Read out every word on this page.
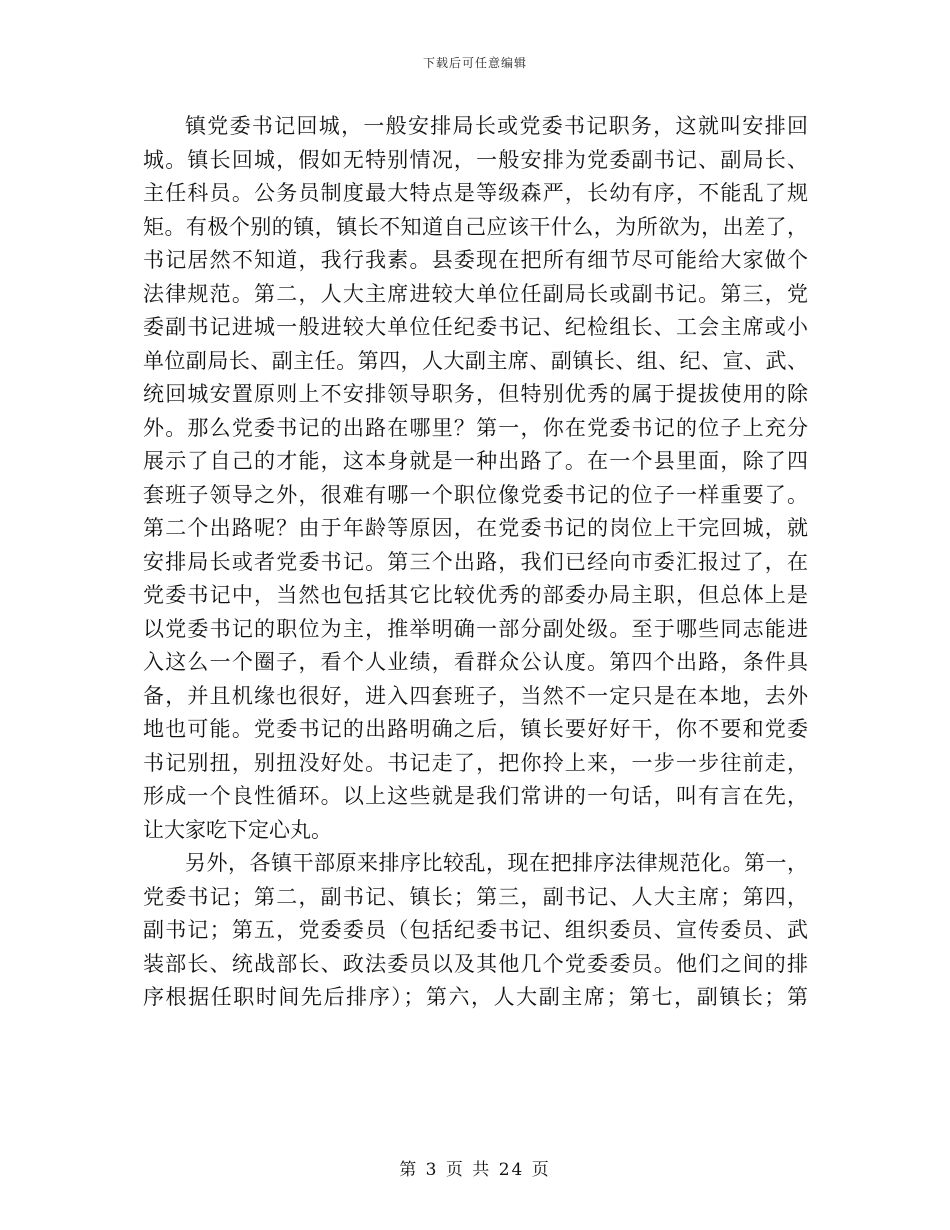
下载后可任意编辑
镇党委书记回城，一般安排局长或党委书记职务，这就叫安排回
城。镇长回城，假如无特别情况，一般安排为党委副书记、副局长、
主任科员。公务员制度最大特点是等级森严，长幼有序，不能乱了规
矩。有极个别的镇，镇长不知道自己应该干什么，为所欲为，出差了，
书记居然不知道，我行我素。县委现在把所有细节尽可能给大家做个
法律规范。第二，人大主席进较大单位任副局长或副书记。第三，党
委副书记进城一般进较大单位任纪委书记、纪检组长、工会主席或小
单位副局长、副主任。第四，人大副主席、副镇长、组、纪、宣、武、
统回城安置原则上不安排领导职务，但特别优秀的属于提拔使用的除
外。那么党委书记的出路在哪里？第一，你在党委书记的位子上充分
展示了自己的才能，这本身就是一种出路了。在一个县里面，除了四
套班子领导之外，很难有哪一个职位像党委书记的位子一样重要了。
第二个出路呢？由于年龄等原因，在党委书记的岗位上干完回城，就
安排局长或者党委书记。第三个出路，我们已经向市委汇报过了，在
党委书记中，当然也包括其它比较优秀的部委办局主职，但总体上是
以党委书记的职位为主，推举明确一部分副处级。至于哪些同志能进
入这么一个圈子，看个人业绩，看群众公认度。第四个出路，条件具
备，并且机缘也很好，进入四套班子，当然不一定只是在本地，去外
地也可能。党委书记的出路明确之后，镇长要好好干，你不要和党委
书记别扭，别扭没好处。书记走了，把你拎上来，一步一步往前走，
形成一个良性循环。以上这些就是我们常讲的一句话，叫有言在先，
让大家吃下定心丸。
另外，各镇干部原来排序比较乱，现在把排序法律规范化。第一，
党委书记；第二，副书记、镇长；第三，副书记、人大主席；第四，
副书记；第五，党委委员（包括纪委书记、组织委员、宣传委员、武
装部长、统战部长、政法委员以及其他几个党委委员。他们之间的排
序根据任职时间先后排序）；第六，人大副主席；第七，副镇长；第
第 3 页 共 24 页
